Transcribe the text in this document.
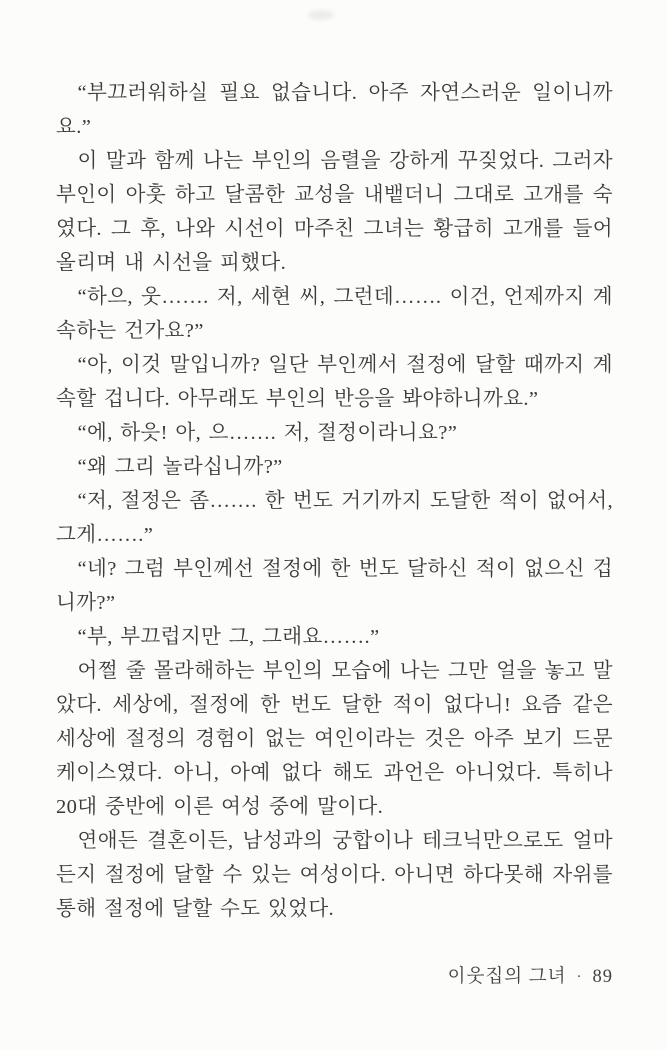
“부끄러워하실 필요 없습니다. 아주 자연스러운 일이니까요.”

이 말과 함께 나는 부인의 음렬을 강하게 꾸짖었다. 그러자 부인이 아훗 하고 달콤한 교성을 내뱉더니 그대로 고개를 숙였다. 그 후, 나와 시선이 마주친 그녀는 황급히 고개를 들어 올리며 내 시선을 피했다.

“하으, 웃……. 저, 세현 씨, 그런데……. 이건, 언제까지 계속하는 건가요?”

“아, 이것 말입니까? 일단 부인께서 절정에 달할 때까지 계속할 겁니다. 아무래도 부인의 반응을 봐야하니까요.”

“에, 하읏! 아, 으……. 저, 절정이라니요?”

“왜 그리 놀라십니까?”

“저, 절정은 좀……. 한 번도 거기까지 도달한 적이 없어서, 그게…….”

“네? 그럼 부인께선 절정에 한 번도 달하신 적이 없으신 겁니까?”

“부, 부끄럽지만 그, 그래요…….”

어쩔 줄 몰라해하는 부인의 모습에 나는 그만 얼을 놓고 말았다. 세상에, 절정에 한 번도 달한 적이 없다니! 요즘 같은 세상에 절정의 경험이 없는 여인이라는 것은 아주 보기 드문 케이스였다. 아니, 아예 없다 해도 과언은 아니었다. 특히나 20대 중반에 이른 여성 중에 말이다.

연애든 결혼이든, 남성과의 궁합이나 테크닉만으로도 얼마든지 절정에 달할 수 있는 여성이다. 아니면 하다못해 자위를 통해 절정에 달할 수도 있었다.

이웃집의 그녀 · 89
